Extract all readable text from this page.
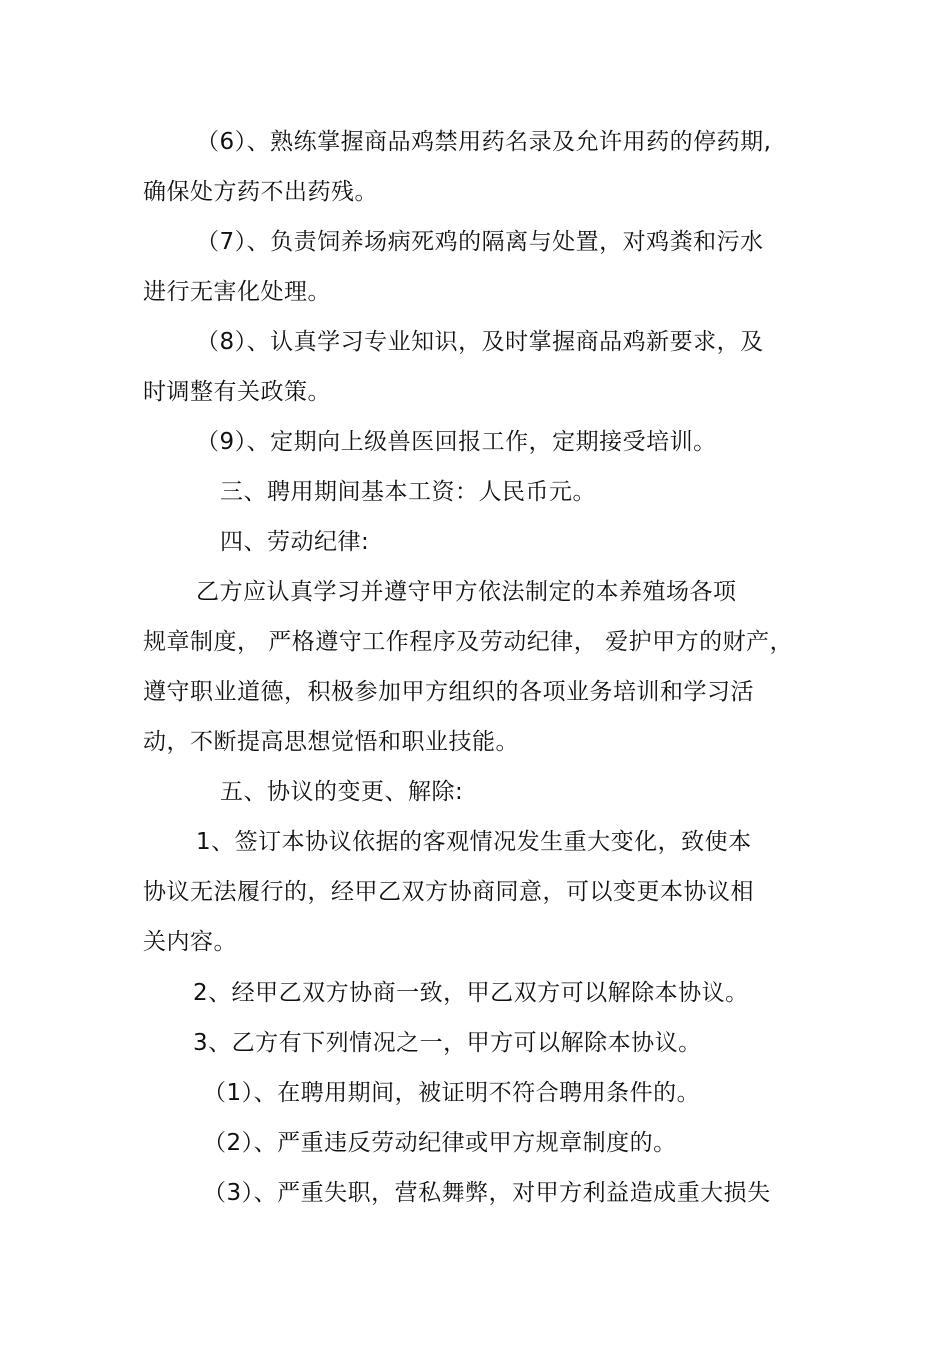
（6）、熟练掌握商品鸡禁用药名录及允许用药的停药期,
确保处方药不出药残。
（7）、负责饲养场病死鸡的隔离与处置，对鸡粪和污水
进行无害化处理。
（8）、认真学习专业知识，及时掌握商品鸡新要求，及
时调整有关政策。
（9）、定期向上级兽医回报工作，定期接受培训。
三、聘用期间基本工资：人民币元。
四、劳动纪律:
乙方应认真学习并遵守甲方依法制定的本养殖场各项
规章制度， 严格遵守工作程序及劳动纪律， 爱护甲方的财产，
遵守职业道德，积极参加甲方组织的各项业务培训和学习活
动，不断提高思想觉悟和职业技能。
五、协议的变更、解除:
1、签订本协议依据的客观情况发生重大变化，致使本
协议无法履行的，经甲乙双方协商同意，可以变更本协议相
关内容。
2、经甲乙双方协商一致，甲乙双方可以解除本协议。
3、乙方有下列情况之一，甲方可以解除本协议。
（1）、在聘用期间，被证明不符合聘用条件的。
（2）、严重违反劳动纪律或甲方规章制度的。
（3）、严重失职，营私舞弊，对甲方利益造成重大损失
